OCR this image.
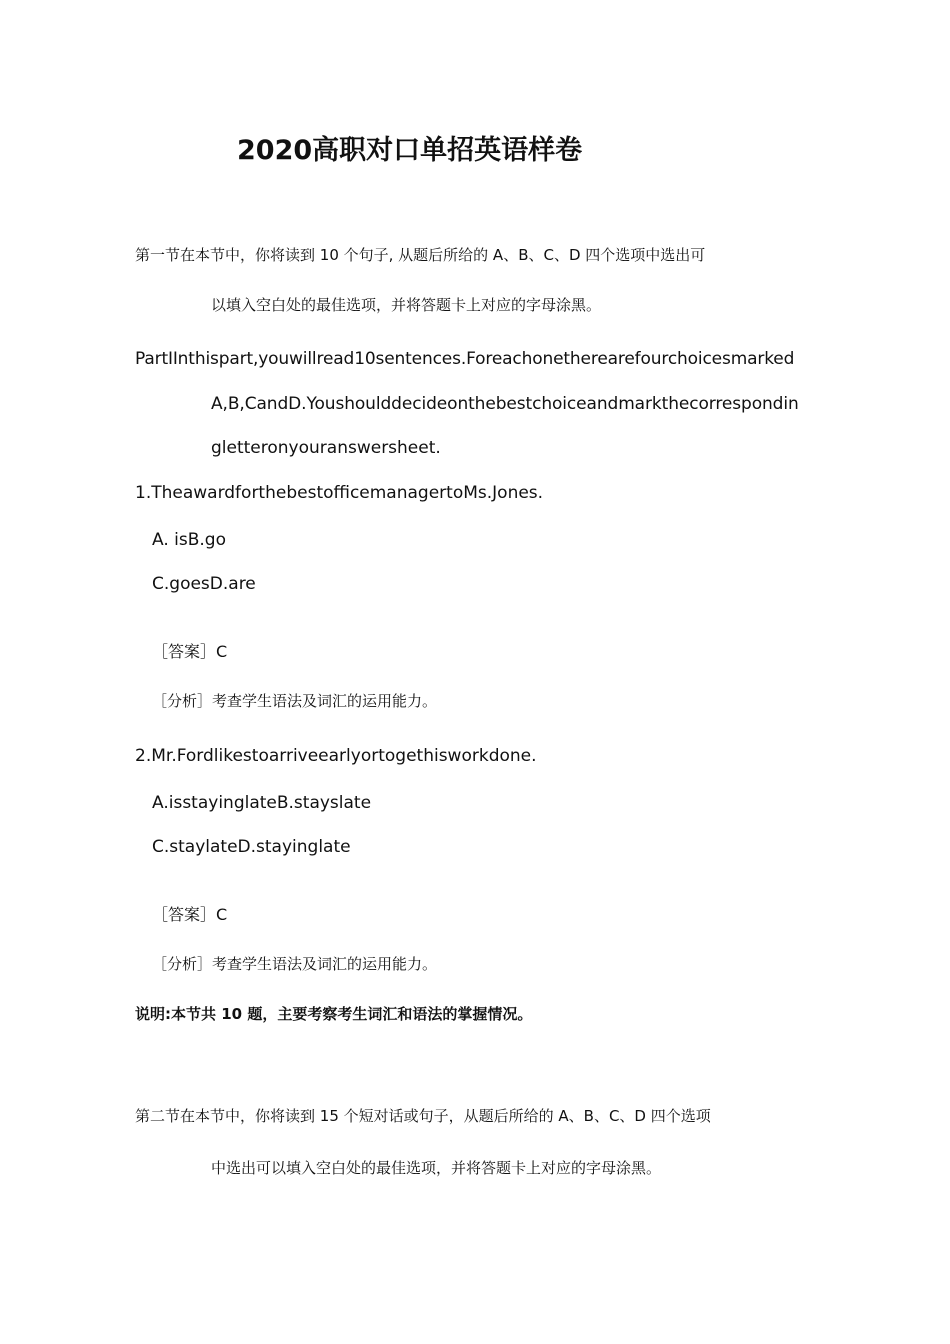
2020高职对口单招英语样卷
第一节在本节中，你将读到 10 个句子, 从题后所给的 A、B、C、D 四个选项中选出可
以填入空白处的最佳选项，并将答题卡上对应的字母涂黑。
PartIInthispart,youwillread10sentences.Foreachonetherearefourchoicesmarked
A,B,CandD.Youshoulddecideonthebestchoiceandmarkthecorrespondin
gletteronyouranswersheet.
1.TheawardforthebestofficemanagertoMs.Jones.
A. isB.go
C.goesD.are
［答案］C
［分析］考查学生语法及词汇的运用能力。
2.Mr.Fordlikestoarriveearlyortogethisworkdone.
A.isstayinglateB.stayslate
C.staylateD.stayinglate
［答案］C
［分析］考查学生语法及词汇的运用能力。
说明:本节共 10 题，主要考察考生词汇和语法的掌握情况。
第二节在本节中，你将读到 15 个短对话或句子，从题后所给的 A、B、C、D 四个选项
中选出可以填入空白处的最佳选项，并将答题卡上对应的字母涂黑。
